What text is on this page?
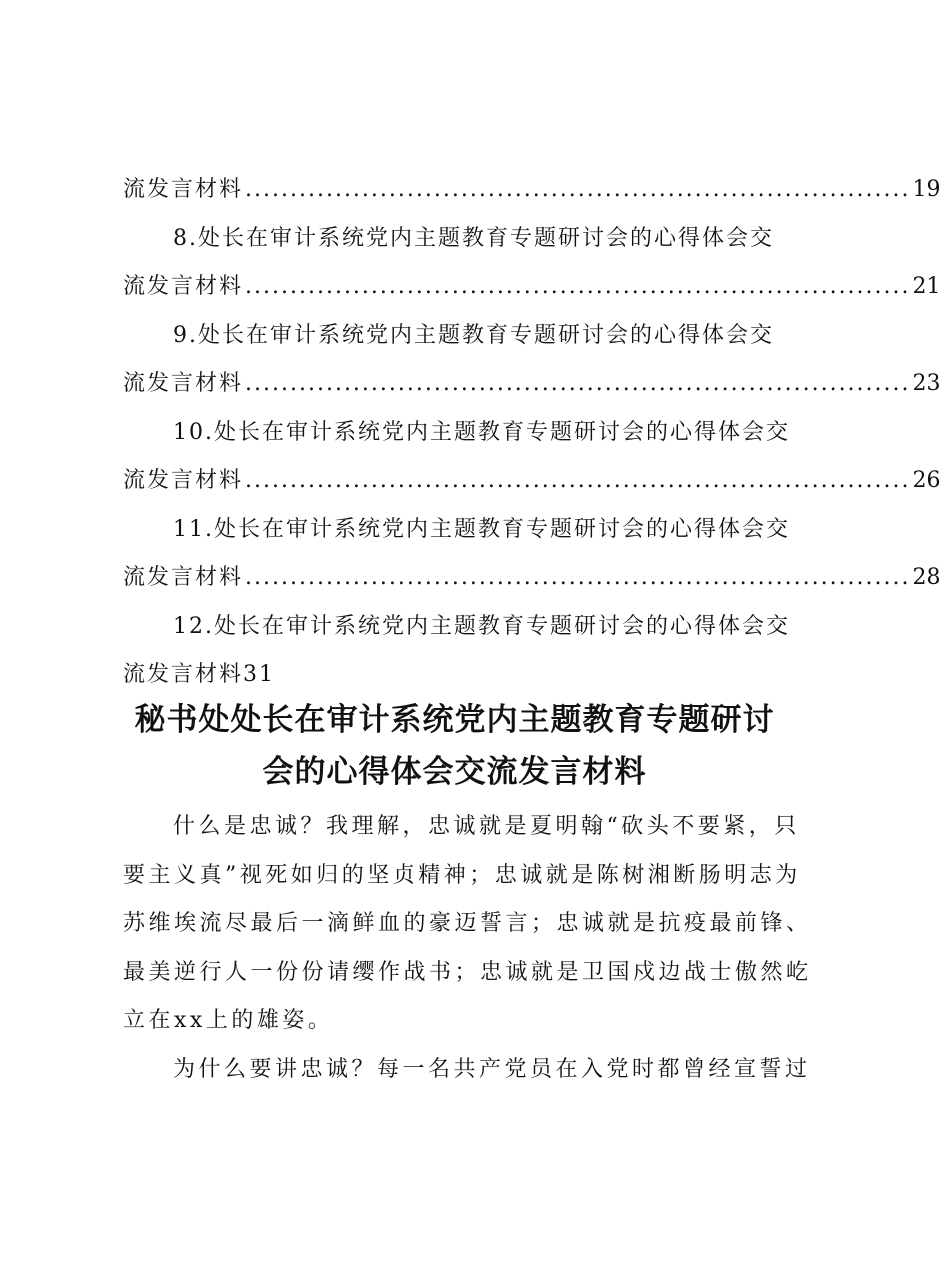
流发言材料 .......................................................................... 19
8.处长在审计系统党内主题教育专题研讨会的心得体会交
流发言材料 .......................................................................... 21
9.处长在审计系统党内主题教育专题研讨会的心得体会交
流发言材料 .......................................................................... 23
10.处长在审计系统党内主题教育专题研讨会的心得体会交
流发言材料 .......................................................................... 26
11.处长在审计系统党内主题教育专题研讨会的心得体会交
流发言材料 .......................................................................... 28
12.处长在审计系统党内主题教育专题研讨会的心得体会交
流发言材料31
秘书处处长在审计系统党内主题教育专题研讨
会的心得体会交流发言材料
什么是忠诚？我理解，忠诚就是夏明翰“砍头不要紧，只
要主义真”视死如归的坚贞精神；忠诚就是陈树湘断肠明志为
苏维埃流尽最后一滴鲜血的豪迈誓言；忠诚就是抗疫最前锋、
最美逆行人一份份请缨作战书；忠诚就是卫国戍边战士傲然屹
立在xx上的雄姿。
为什么要讲忠诚？每一名共产党员在入党时都曾经宣誓过
